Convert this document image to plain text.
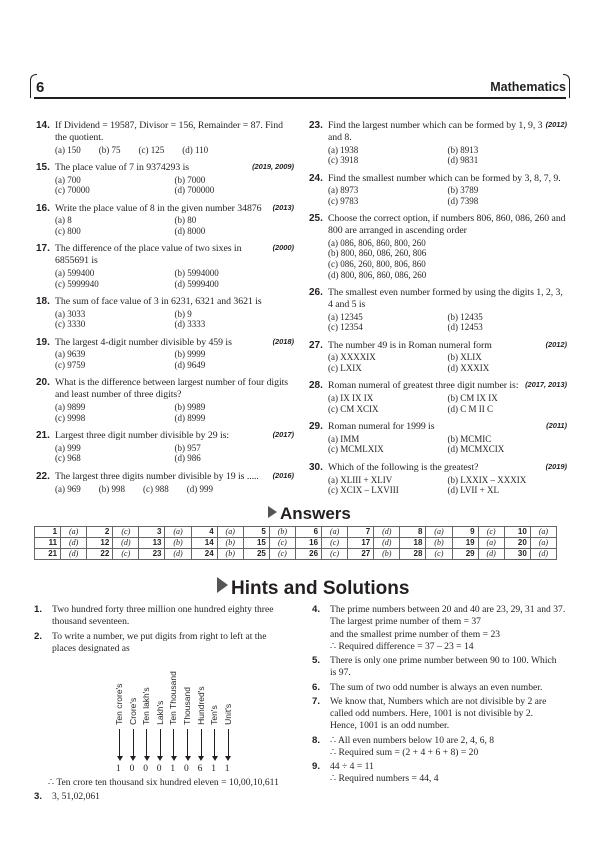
6	Mathematics
14. If Dividend = 19587, Divisor = 156, Remainder = 87. Find the quotient.
(a) 150 (b) 75 (c) 125 (d) 110
15.	(2019, 2009)
The place value of 7 in 9374293 is
(a) 700	(b) 7000
(c) 70000	(d) 700000
16.	(2013)
Write the place value of 8 in the given number 34876
(a) 8	(b) 80
(c) 800	(d) 8000
17.	(2000)
The difference of the place value of two sixes in 6855691 is
(a) 599400	(b) 5994000
(c) 5999940	(d) 5999400
18. The sum of face value of 3 in 6231, 6321 and 3621 is
(a) 3033	(b) 9
(c) 3330	(d) 3333
19.	(2018)
The largest 4-digit number divisible by 459 is
(a) 9639	(b) 9999
(c) 9759	(d) 9649
20. What is the difference between largest number of four digits and least number of three digits?
(a) 9899	(b) 9989
(c) 9998	(d) 8999
21.	(2017)
Largest three digit number divisible by 29 is:
(a) 999	(b) 957
(c) 968	(d) 986
22.	(2016)
The largest three digits number divisible by 19 is .....
(a) 969 (b) 998 (c) 988 (d) 999
23.	(2012)
Find the largest number which can be formed by 1, 9, 3 and 8.
(a) 1938	(b) 8913
(c) 3918	(d) 9831
24. Find the smallest number which can be formed by 3, 8, 7, 9.
(a) 8973	(b) 3789
(c) 9783	(d) 7398
25. Choose the correct option, if numbers 806, 860, 086, 260 and 800 are arranged in ascending order
(a) 086, 806, 860, 800, 260
(b) 800, 860, 086, 260, 806
(c) 086, 260, 800, 806, 860
(d) 800, 806, 860, 086, 260
26. The smallest even number formed by using the digits 1, 2, 3, 4 and 5 is
(a) 12345	(b) 12435
(c) 12354	(d) 12453
27.	(2012)
The number 49 is in Roman numeral form
(a) XXXXIX	(b) XLIX
(c) LXIX	(d) XXXIX
28.	(2017, 2013)
Roman numeral of greatest three digit number is:
(a) IX IX IX	(b) CM IX IX
(c) CM XCIX	(d) C M II C
29.	(2011)
Roman numeral for 1999 is
(a) IMM	(b) MCMIC
(c) MCMLXIX	(d) MCMXCIX
30.	(2019)
Which of the following is the greatest?
(a) XLIII + XLIV	(b) LXXIX – XXXIX
(c) XCIX – LXVIII	(d) LVII + XL
Answers
1	(a)	2	(c)	3	(a)	4	(a)	5	(b)	6	(a)	7	(d)	8	(a)	9	(c)	10	(a)
11	(d)	12	(d)	13	(b)	14	(b)	15	(c)	16	(c)	17	(d)	18	(b)	19	(a)	20	(a)
21	(d)	22	(c)	23	(d)	24	(b)	25	(c)	26	(c)	27	(b)	28	(c)	29	(d)	30	(d)
Hints and Solutions
1. Two hundred forty three million one hundred eighty three
thousand seventeen.
2. To write a number, we put digits from right to left at the
places designated as
Ten crore's
1
Crore's
0
Ten lakh's
0
Lakh's
0
Ten Thousand
1
Thousand
0
Hundred's
6
Ten's
1
Unit's
1
∴ Ten crore ten thousand six hundred eleven = 10,00,10,611
3. 3, 51,02,061
4. The prime numbers between 20 and 40 are 23, 29, 31 and 37.
The largest prime number of them = 37
and the smallest prime number of them = 23
∴ Required difference = 37 – 23 = 14
5. There is only one prime number between 90 to 100. Which
is 97.
6. The sum of two odd number is always an even number.
7. We know that, Numbers which are not divisible by 2 are
called odd numbers. Here, 1001 is not divisible by 2.
Hence, 1001 is an odd number.
8. ∴ All even numbers below 10 are 2, 4, 6, 8
∴ Required sum = (2 + 4 + 6 + 8) = 20
9. 44 ÷ 4 = 11
∴ Required numbers = 44, 4
